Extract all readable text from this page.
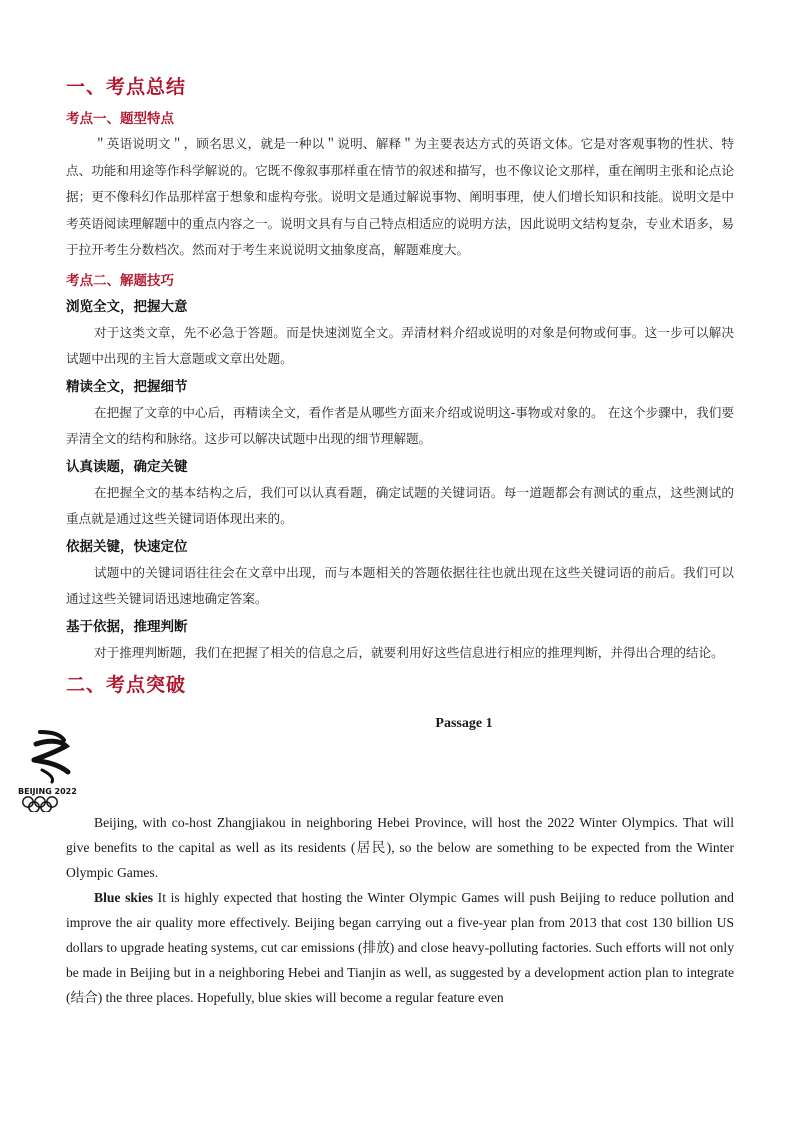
一、考点总结
考点一、题型特点

＂英语说明文＂，顾名思义，就是一种以＂说明、解释＂为主要表达方式的英语文体。它是对客观事物的性状、特点、功能和用途等作科学解说的。它既不像叙事那样重在情节的叙述和描写，也不像议论文那样，重在阐明主张和论点论据；更不像科幻作品那样富于想象和虚构夸张。说明文是通过解说事物、阐明事理，使人们增长知识和技能。说明文是中考英语阅读理解题中的重点内容之一。说明文具有与自己特点相适应的说明方法，因此说明文结构复杂，专业术语多，易于拉开考生分数档次。然而对于考生来说说明文抽象度高，解题难度大。

考点二、解题技巧
浏览全文，把握大意

对于这类文章，先不必急于答题。而是快速浏览全文。弄清材料介绍或说明的对象是何物或何事。这一步可以解决试题中出现的主旨大意题或文章出处题。

精读全文，把握细节

在把握了文章的中心后，再精读全文，看作者是从哪些方面来介绍或说明这-事物或对象的。 在这个步骤中，我们要弄清全文的结构和脉络。这步可以解决试题中出现的细节理解题。

认真读题，确定关键

在把握全文的基本结构之后，我们可以认真看题，确定试题的关键词语。每一道题都会有测试的重点，这些测试的重点就是通过这些关键词语体现出来的。

依据关键，快速定位

试题中的关键词语往往会在文章中出现，而与本题相关的答题依据往往也就出现在这些关键词语的前后。我们可以通过这些关键词语迅速地确定答案。

基于依据，推理判断

对于推理判断题，我们在把握了相关的信息之后，就要利用好这些信息进行相应的推理判断，并得出合理的结论。

二、考点突破
Passage 1

Beijing, with co-host Zhangjiakou in neighboring Hebei Province, will host the 2022 Winter Olympics. That will give benefits to the capital as well as its residents (居民), so the below are something to be expected from the Winter Olympic Games.

Blue skies It is highly expected that hosting the Winter Olympic Games will push Beijing to reduce pollution and improve the air quality more effectively. Beijing began carrying out a five-year plan from 2013 that cost 130 billion US dollars to upgrade heating systems, cut car emissions (排放) and close heavy-polluting factories. Such efforts will not only be made in Beijing but in a neighboring Hebei and Tianjin as well, as suggested by a development action plan to integrate (结合) the three places. Hopefully, blue skies will become a regular feature even

BEIJING 2022
